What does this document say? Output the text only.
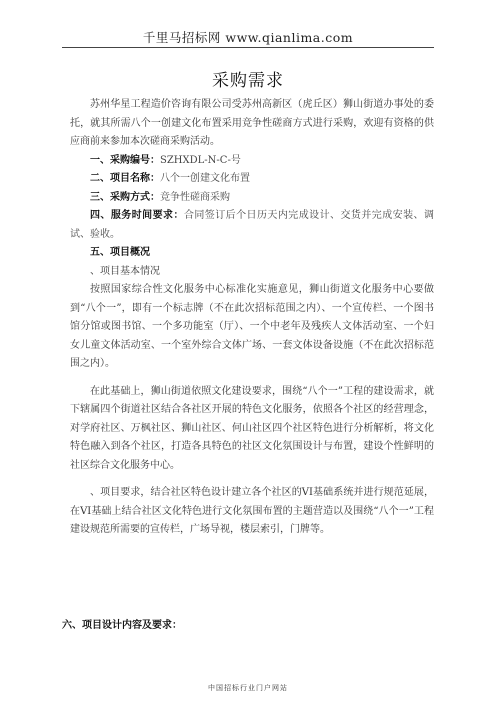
千里马招标网 www.qianlima.com
采购需求

苏州华星工程造价咨询有限公司受苏州高新区（虎丘区）狮山街道办事处的委托，就其所需八个一创建文化布置采用竞争性磋商方式进行采购，欢迎有资格的供应商前来参加本次磋商采购活动。

一、采购编号：SZHXDL-N-C-号

二、项目名称：八个一创建文化布置

三、采购方式：竞争性磋商采购

四、服务时间要求：合同签订后个日历天内完成设计、交货并完成安装、调试、验收。

五、项目概况

、项目基本情况

按照国家综合性文化服务中心标准化实施意见，狮山街道文化服务中心要做到“八个一”，即有一个标志牌（不在此次招标范围之内）、一个宣传栏、一个图书馆分馆或图书馆、一个多功能室（厅）、一个中老年及残疾人文体活动室、一个妇女儿童文体活动室、一个室外综合文体广场、一套文体设备设施（不在此次招标范围之内）。

在此基础上，狮山街道依照文化建设要求，围绕“八个一”工程的建设需求，就下辖属四个街道社区结合各社区开展的特色文化服务，依照各个社区的经营理念，对学府社区、万枫社区、狮山社区、何山社区四个社区特色进行分析解析，将文化特色融入到各个社区，打造各具特色的社区文化氛围设计与布置，建设个性鲜明的社区综合文化服务中心。

、项目要求，结合社区特色设计建立各个社区的VI基础系统并进行规范延展，在VI基础上结合社区文化特色进行文化氛围布置的主题营造以及围绕“八个一”工程建设规范所需要的宣传栏，广场导视，楼层索引，门牌等。

六、项目设计内容及要求：
中国招标行业门户网站
